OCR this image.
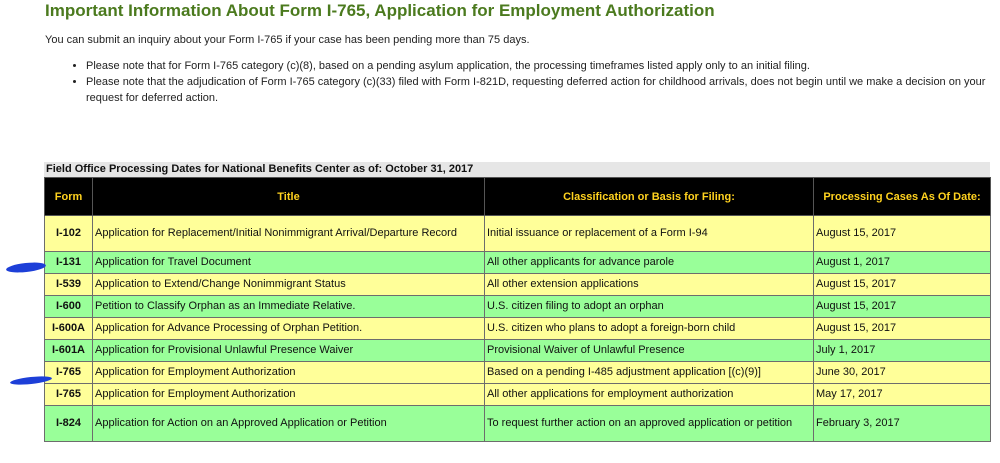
Important Information About Form I-765, Application for Employment Authorization

You can submit an inquiry about your Form I-765 if your case has been pending more than 75 days.

• Please note that for Form I-765 category (c)(8), based on a pending asylum application, the processing timeframes listed apply only to an initial filing.
• Please note that the adjudication of Form I-765 category (c)(33) filed with Form I-821D, requesting deferred action for childhood arrivals, does not begin until we make a decision on your request for deferred action.
Field Office Processing Dates for National Benefits Center as of: October 31, 2017
Form	Title	Classification or Basis for Filing:	Processing Cases As Of Date:
I-102	Application for Replacement/Initial Nonimmigrant Arrival/Departure Record	Initial issuance or replacement of a Form I-94	August 15, 2017
I-131	Application for Travel Document	All other applicants for advance parole	August 1, 2017
I-539	Application to Extend/Change Nonimmigrant Status	All other extension applications	August 15, 2017
I-600	Petition to Classify Orphan as an Immediate Relative.	U.S. citizen filing to adopt an orphan	August 15, 2017
I-600A	Application for Advance Processing of Orphan Petition.	U.S. citizen who plans to adopt a foreign-born child	August 15, 2017
I-601A	Application for Provisional Unlawful Presence Waiver	Provisional Waiver of Unlawful Presence	July 1, 2017
I-765	Application for Employment Authorization	Based on a pending I-485 adjustment application [(c)(9)]	June 30, 2017
I-765	Application for Employment Authorization	All other applications for employment authorization	May 17, 2017
I-824	Application for Action on an Approved Application or Petition	To request further action on an approved application or petition	February 3, 2017
